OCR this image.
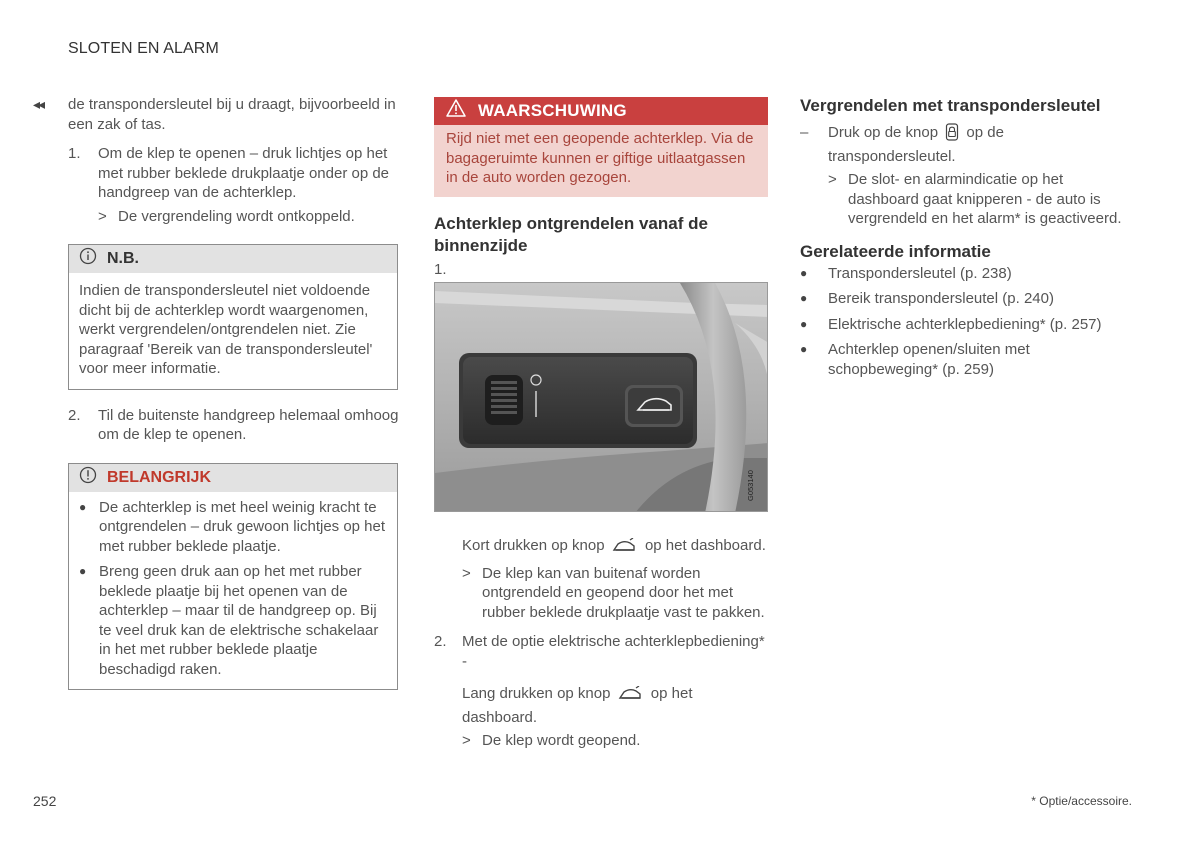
SLOTEN EN ALARM
◂◂	de transpondersleutel bij u draagt, bijvoorbeeld in een zak of tas.
1.	Om de klep te openen – druk lichtjes op het met rubber beklede drukplaatje onder op de handgreep van de achterklep.
> De vergrendeling wordt ontkoppeld.
N.B.
Indien de transpondersleutel niet voldoende dicht bij de achterklep wordt waargenomen, werkt vergrendelen/ontgrendelen niet. Zie paragraaf 'Bereik van de transpondersleutel' voor meer informatie.
2.	Til de buitenste handgreep helemaal omhoog om de klep te openen.
BELANGRIJK
● De achterklep is met heel weinig kracht te ontgrendelen – druk gewoon lichtjes op het met rubber beklede plaatje.
● Breng geen druk aan op het met rubber beklede plaatje bij het openen van de achterklep – maar til de handgreep op. Bij te veel druk kan de elektrische schakelaar in het met rubber beklede plaatje beschadigd raken.
WAARSCHUWING
Rijd niet met een geopende achterklep. Via de bagageruimte kunnen er giftige uitlaatgassen in de auto worden gezogen.
Achterklep ontgrendelen vanaf de binnenzijde
1.
G053140
Kort drukken op knop	op het dashboard.
> De klep kan van buitenaf worden ontgrendeld en geopend door het met rubber beklede drukplaatje vast te pakken.
2.	Met de optie elektrische achterklepbediening* -
Lang drukken op knop	op het dashboard.
> De klep wordt geopend.
Vergrendelen met transpondersleutel
–	Druk op de knop op de transpondersleutel.
> De slot- en alarmindicatie op het dashboard gaat knipperen - de auto is vergrendeld en het alarm* is geactiveerd.
Gerelateerde informatie
●	Transpondersleutel (p. 238)
●	Bereik transpondersleutel (p. 240)
●	Elektrische achterklepbediening* (p. 257)
●	Achterklep openen/sluiten met schopbeweging* (p. 259)
252	* Optie/accessoire.
